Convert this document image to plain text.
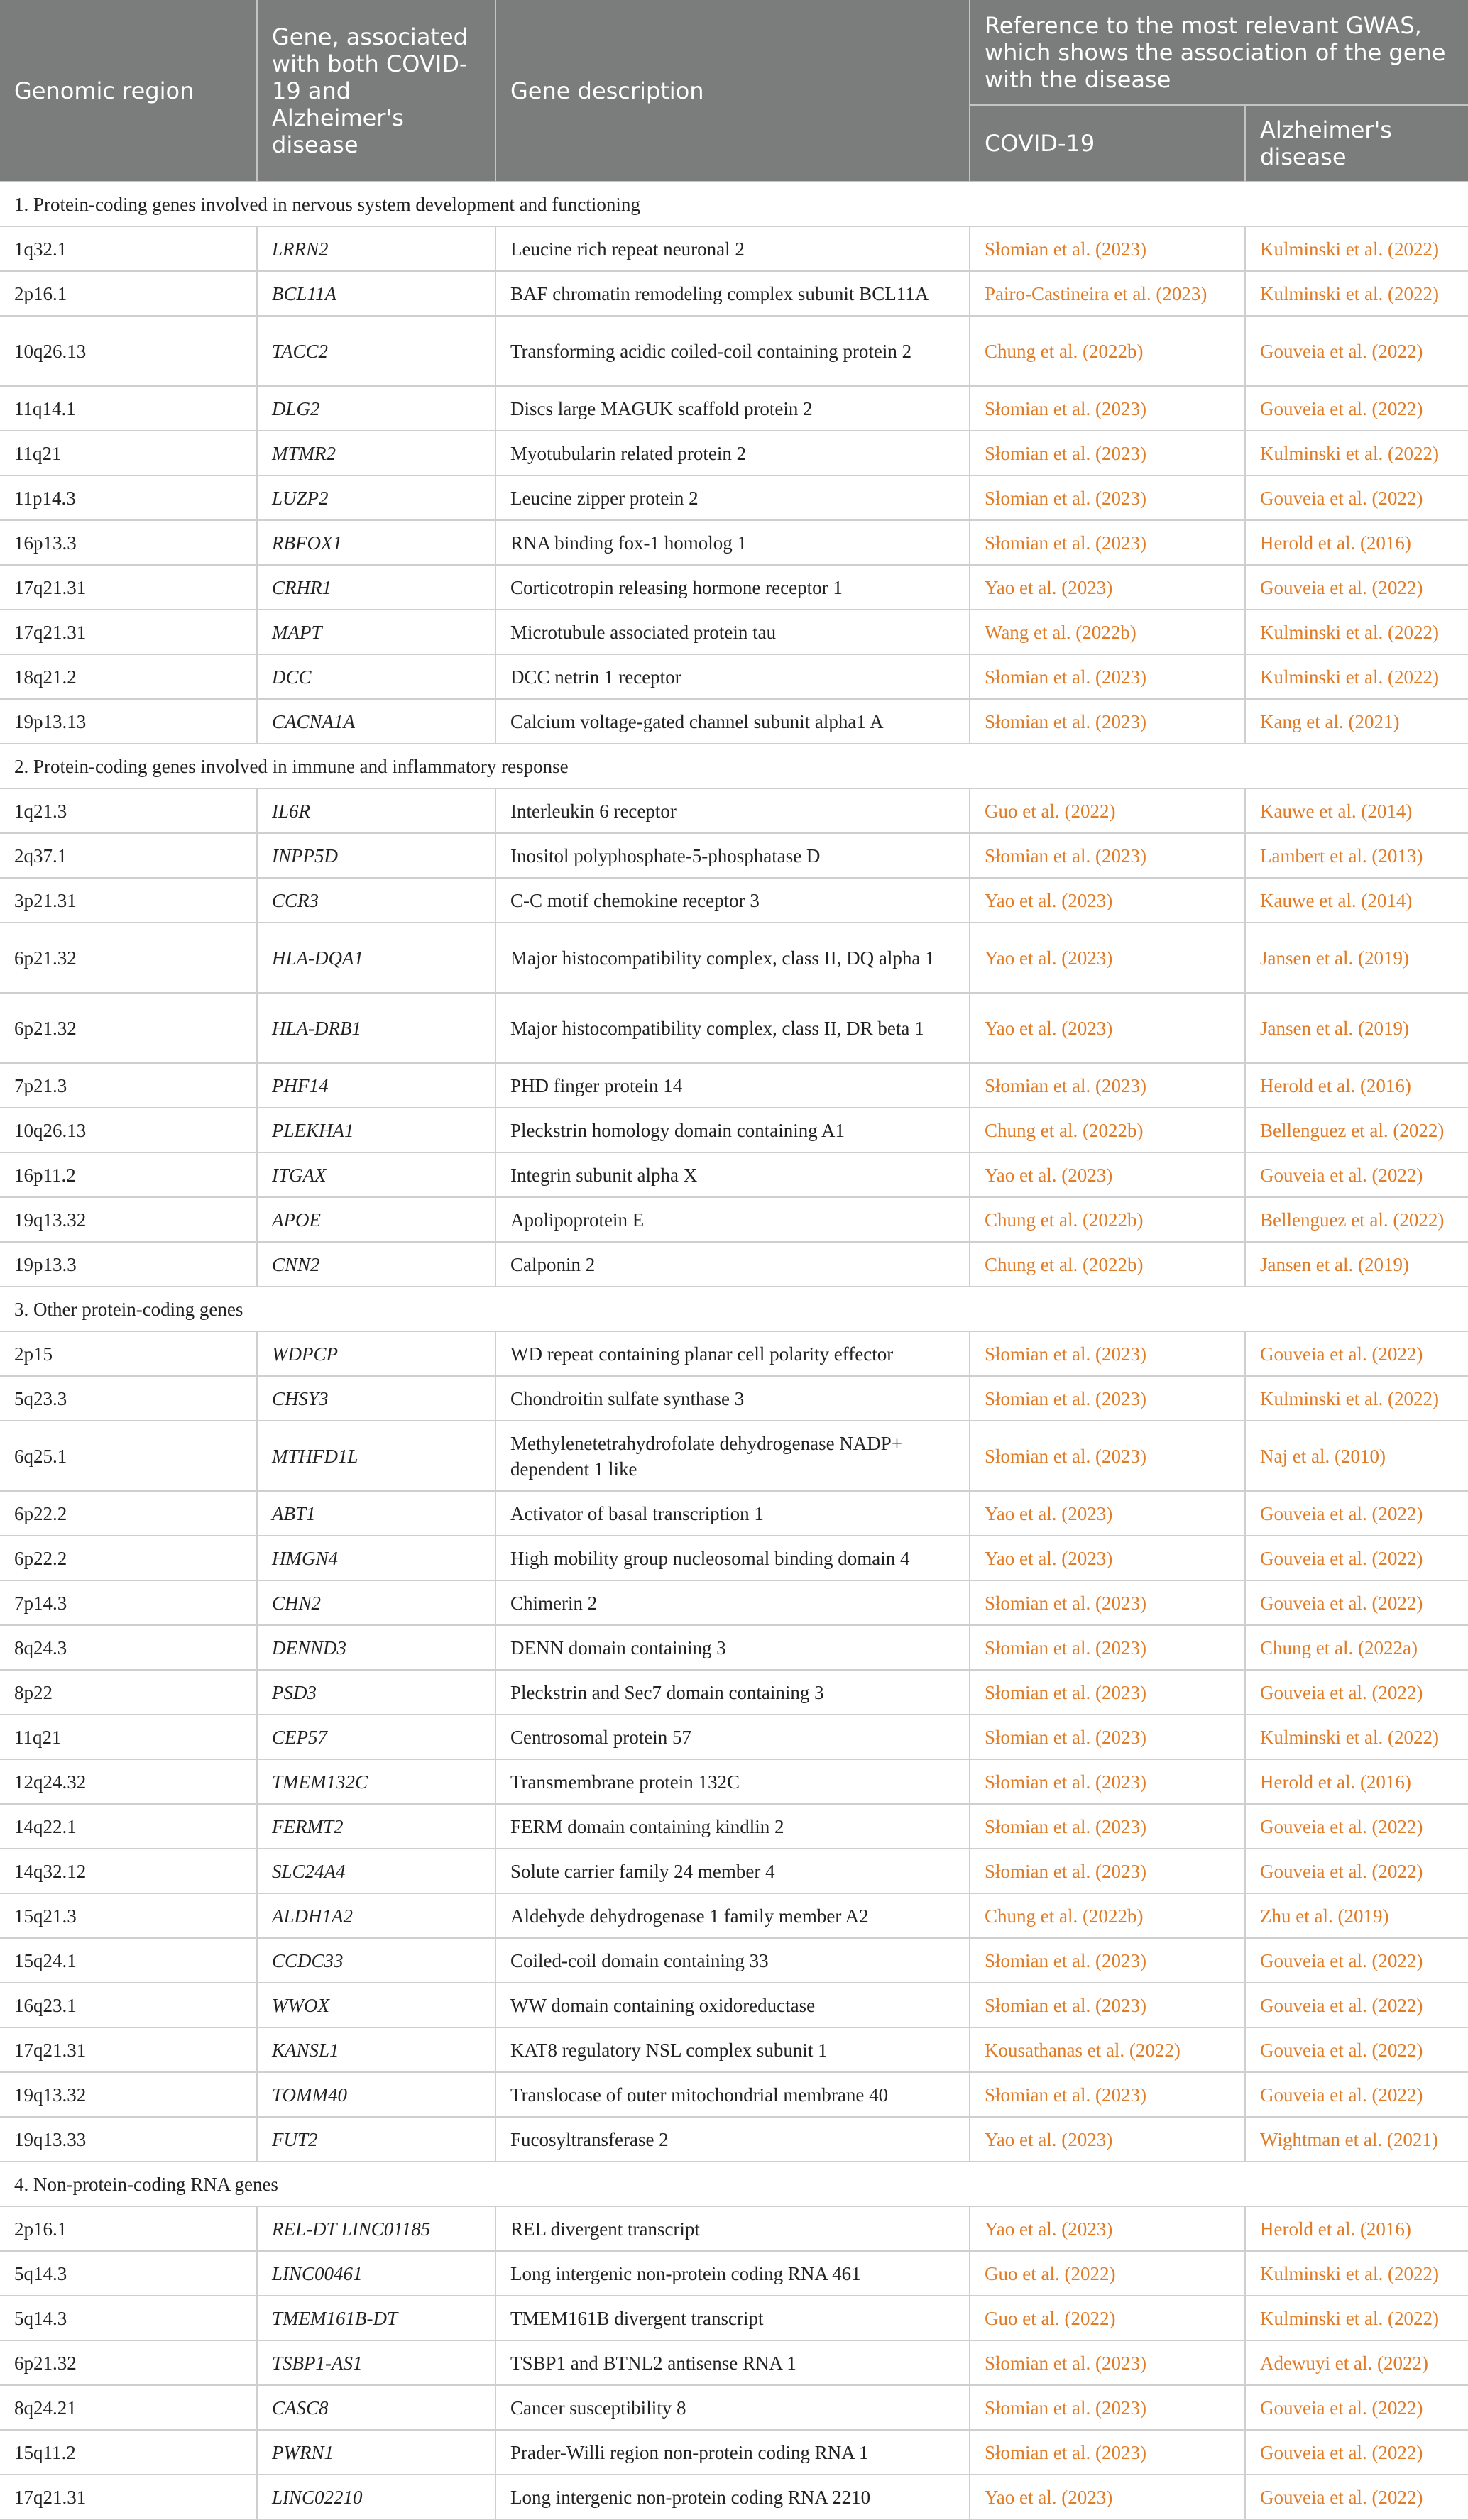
Genomic region	Gene, associated with both COVID-19 and Alzheimer's disease	Gene description	Reference to the most relevant GWAS, which shows the association of the gene with the disease	
			COVID-19	Alzheimer's disease
1. Protein-coding genes involved in nervous system development and functioning				
1q32.1	LRRN2	Leucine rich repeat neuronal 2	Słomian et al. (2023)	Kulminski et al. (2022)
2p16.1	BCL11A	BAF chromatin remodeling complex subunit BCL11A	Pairo-Castineira et al. (2023)	Kulminski et al. (2022)
10q26.13	TACC2	Transforming acidic coiled-coil containing protein 2	Chung et al. (2022b)	Gouveia et al. (2022)
11q14.1	DLG2	Discs large MAGUK scaffold protein 2	Słomian et al. (2023)	Gouveia et al. (2022)
11q21	MTMR2	Myotubularin related protein 2	Słomian et al. (2023)	Kulminski et al. (2022)
11p14.3	LUZP2	Leucine zipper protein 2	Słomian et al. (2023)	Gouveia et al. (2022)
16p13.3	RBFOX1	RNA binding fox-1 homolog 1	Słomian et al. (2023)	Herold et al. (2016)
17q21.31	CRHR1	Corticotropin releasing hormone receptor 1	Yao et al. (2023)	Gouveia et al. (2022)
17q21.31	MAPT	Microtubule associated protein tau	Wang et al. (2022b)	Kulminski et al. (2022)
18q21.2	DCC	DCC netrin 1 receptor	Słomian et al. (2023)	Kulminski et al. (2022)
19p13.13	CACNA1A	Calcium voltage-gated channel subunit alpha1 A	Słomian et al. (2023)	Kang et al. (2021)
2. Protein-coding genes involved in immune and inflammatory response				
1q21.3	IL6R	Interleukin 6 receptor	Guo et al. (2022)	Kauwe et al. (2014)
2q37.1	INPP5D	Inositol polyphosphate-5-phosphatase D	Słomian et al. (2023)	Lambert et al. (2013)
3p21.31	CCR3	C-C motif chemokine receptor 3	Yao et al. (2023)	Kauwe et al. (2014)
6p21.32	HLA-DQA1	Major histocompatibility complex, class II, DQ alpha 1	Yao et al. (2023)	Jansen et al. (2019)
6p21.32	HLA-DRB1	Major histocompatibility complex, class II, DR beta 1	Yao et al. (2023)	Jansen et al. (2019)
7p21.3	PHF14	PHD finger protein 14	Słomian et al. (2023)	Herold et al. (2016)
10q26.13	PLEKHA1	Pleckstrin homology domain containing A1	Chung et al. (2022b)	Bellenguez et al. (2022)
16p11.2	ITGAX	Integrin subunit alpha X	Yao et al. (2023)	Gouveia et al. (2022)
19q13.32	APOE	Apolipoprotein E	Chung et al. (2022b)	Bellenguez et al. (2022)
19p13.3	CNN2	Calponin 2	Chung et al. (2022b)	Jansen et al. (2019)
3. Other protein-coding genes				
2p15	WDPCP	WD repeat containing planar cell polarity effector	Słomian et al. (2023)	Gouveia et al. (2022)
5q23.3	CHSY3	Chondroitin sulfate synthase 3	Słomian et al. (2023)	Kulminski et al. (2022)
6q25.1	MTHFD1L	Methylenetetrahydrofolate dehydrogenase NADP+ dependent 1 like	Słomian et al. (2023)	Naj et al. (2010)
6p22.2	ABT1	Activator of basal transcription 1	Yao et al. (2023)	Gouveia et al. (2022)
6p22.2	HMGN4	High mobility group nucleosomal binding domain 4	Yao et al. (2023)	Gouveia et al. (2022)
7p14.3	CHN2	Chimerin 2	Słomian et al. (2023)	Gouveia et al. (2022)
8q24.3	DENND3	DENN domain containing 3	Słomian et al. (2023)	Chung et al. (2022a)
8p22	PSD3	Pleckstrin and Sec7 domain containing 3	Słomian et al. (2023)	Gouveia et al. (2022)
11q21	CEP57	Centrosomal protein 57	Słomian et al. (2023)	Kulminski et al. (2022)
12q24.32	TMEM132C	Transmembrane protein 132C	Słomian et al. (2023)	Herold et al. (2016)
14q22.1	FERMT2	FERM domain containing kindlin 2	Słomian et al. (2023)	Gouveia et al. (2022)
14q32.12	SLC24A4	Solute carrier family 24 member 4	Słomian et al. (2023)	Gouveia et al. (2022)
15q21.3	ALDH1A2	Aldehyde dehydrogenase 1 family member A2	Chung et al. (2022b)	Zhu et al. (2019)
15q24.1	CCDC33	Coiled-coil domain containing 33	Słomian et al. (2023)	Gouveia et al. (2022)
16q23.1	WWOX	WW domain containing oxidoreductase	Słomian et al. (2023)	Gouveia et al. (2022)
17q21.31	KANSL1	KAT8 regulatory NSL complex subunit 1	Kousathanas et al. (2022)	Gouveia et al. (2022)
19q13.32	TOMM40	Translocase of outer mitochondrial membrane 40	Słomian et al. (2023)	Gouveia et al. (2022)
19q13.33	FUT2	Fucosyltransferase 2	Yao et al. (2023)	Wightman et al. (2021)
4. Non-protein-coding RNA genes				
2p16.1	REL-DT LINC01185	REL divergent transcript	Yao et al. (2023)	Herold et al. (2016)
5q14.3	LINC00461	Long intergenic non-protein coding RNA 461	Guo et al. (2022)	Kulminski et al. (2022)
5q14.3	TMEM161B-DT	TMEM161B divergent transcript	Guo et al. (2022)	Kulminski et al. (2022)
6p21.32	TSBP1-AS1	TSBP1 and BTNL2 antisense RNA 1	Słomian et al. (2023)	Adewuyi et al. (2022)
8q24.21	CASC8	Cancer susceptibility 8	Słomian et al. (2023)	Gouveia et al. (2022)
15q11.2	PWRN1	Prader-Willi region non-protein coding RNA 1	Słomian et al. (2023)	Gouveia et al. (2022)
17q21.31	LINC02210	Long intergenic non-protein coding RNA 2210	Yao et al. (2023)	Gouveia et al. (2022)
